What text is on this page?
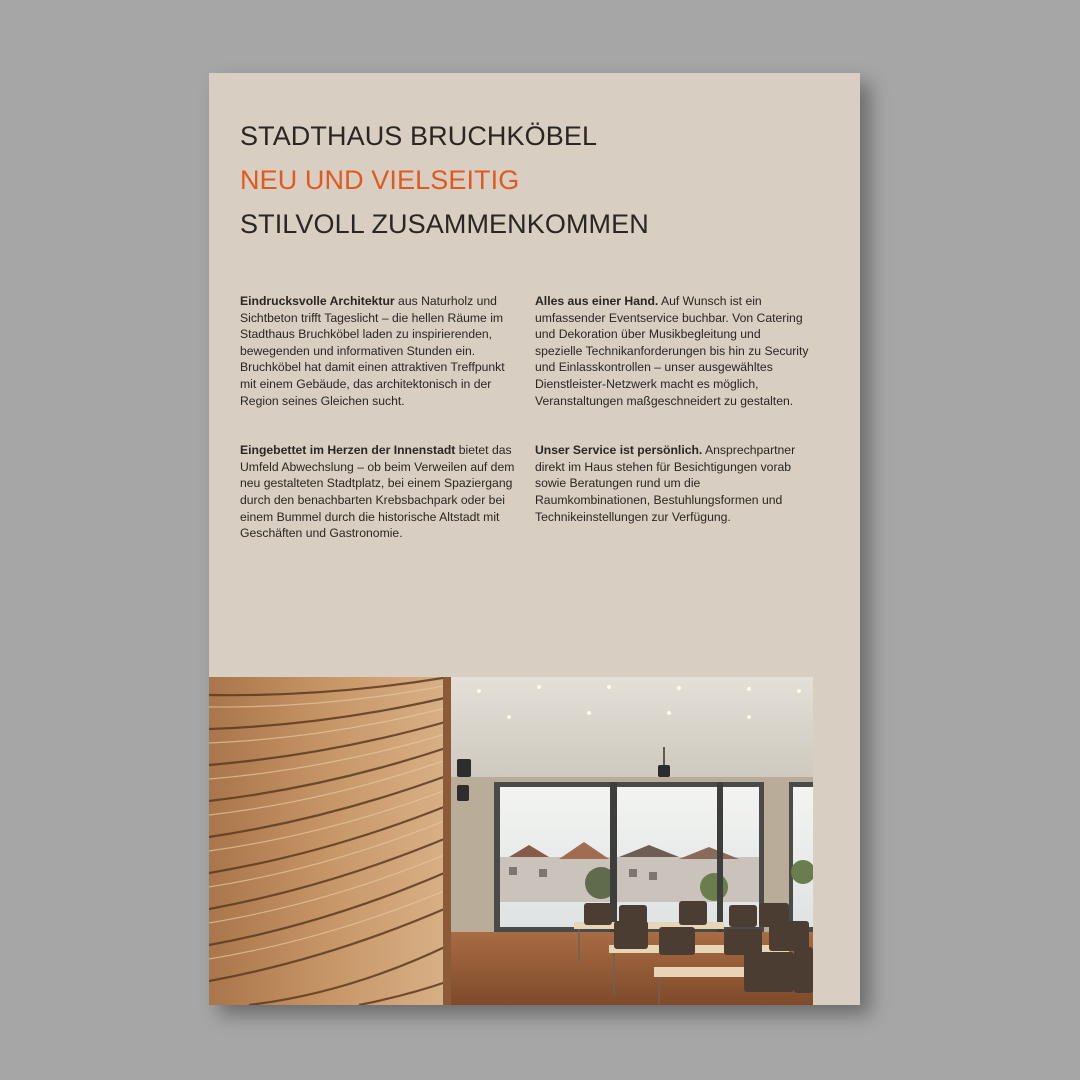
STADTHAUS BRUCHKÖBEL
NEU UND VIELSEITIG
STILVOLL ZUSAMMENKOMMEN

Eindrucksvolle Architektur aus Naturholz und Sichtbeton trifft Tageslicht – die hellen Räume im Stadthaus Bruchköbel laden zu inspirierenden, bewegenden und informativen Stunden ein. Bruchköbel hat damit einen attraktiven Treffpunkt mit einem Gebäude, das architektonisch in der Region seines Gleichen sucht.

Eingebettet im Herzen der Innenstadt bietet das Umfeld Abwechslung – ob beim Verweilen auf dem neu gestalteten Stadtplatz, bei einem Spaziergang durch den benachbarten Krebsbachpark oder bei einem Bummel durch die historische Altstadt mit Geschäften und Gastronomie.

Alles aus einer Hand. Auf Wunsch ist ein umfassender Eventservice buchbar. Von Catering und Dekoration über Musikbegleitung und spezielle Technikanforderungen bis hin zu Security und Einlasskontrollen – unser ausgewähltes Dienstleister-Netzwerk macht es möglich, Veranstaltungen maßgeschneidert zu gestalten.

Unser Service ist persönlich. Ansprechpartner direkt im Haus stehen für Besichtigungen vorab sowie Beratungen rund um die Raumkombinationen, Bestuhlungsformen und Technikeinstellungen zur Verfügung.
